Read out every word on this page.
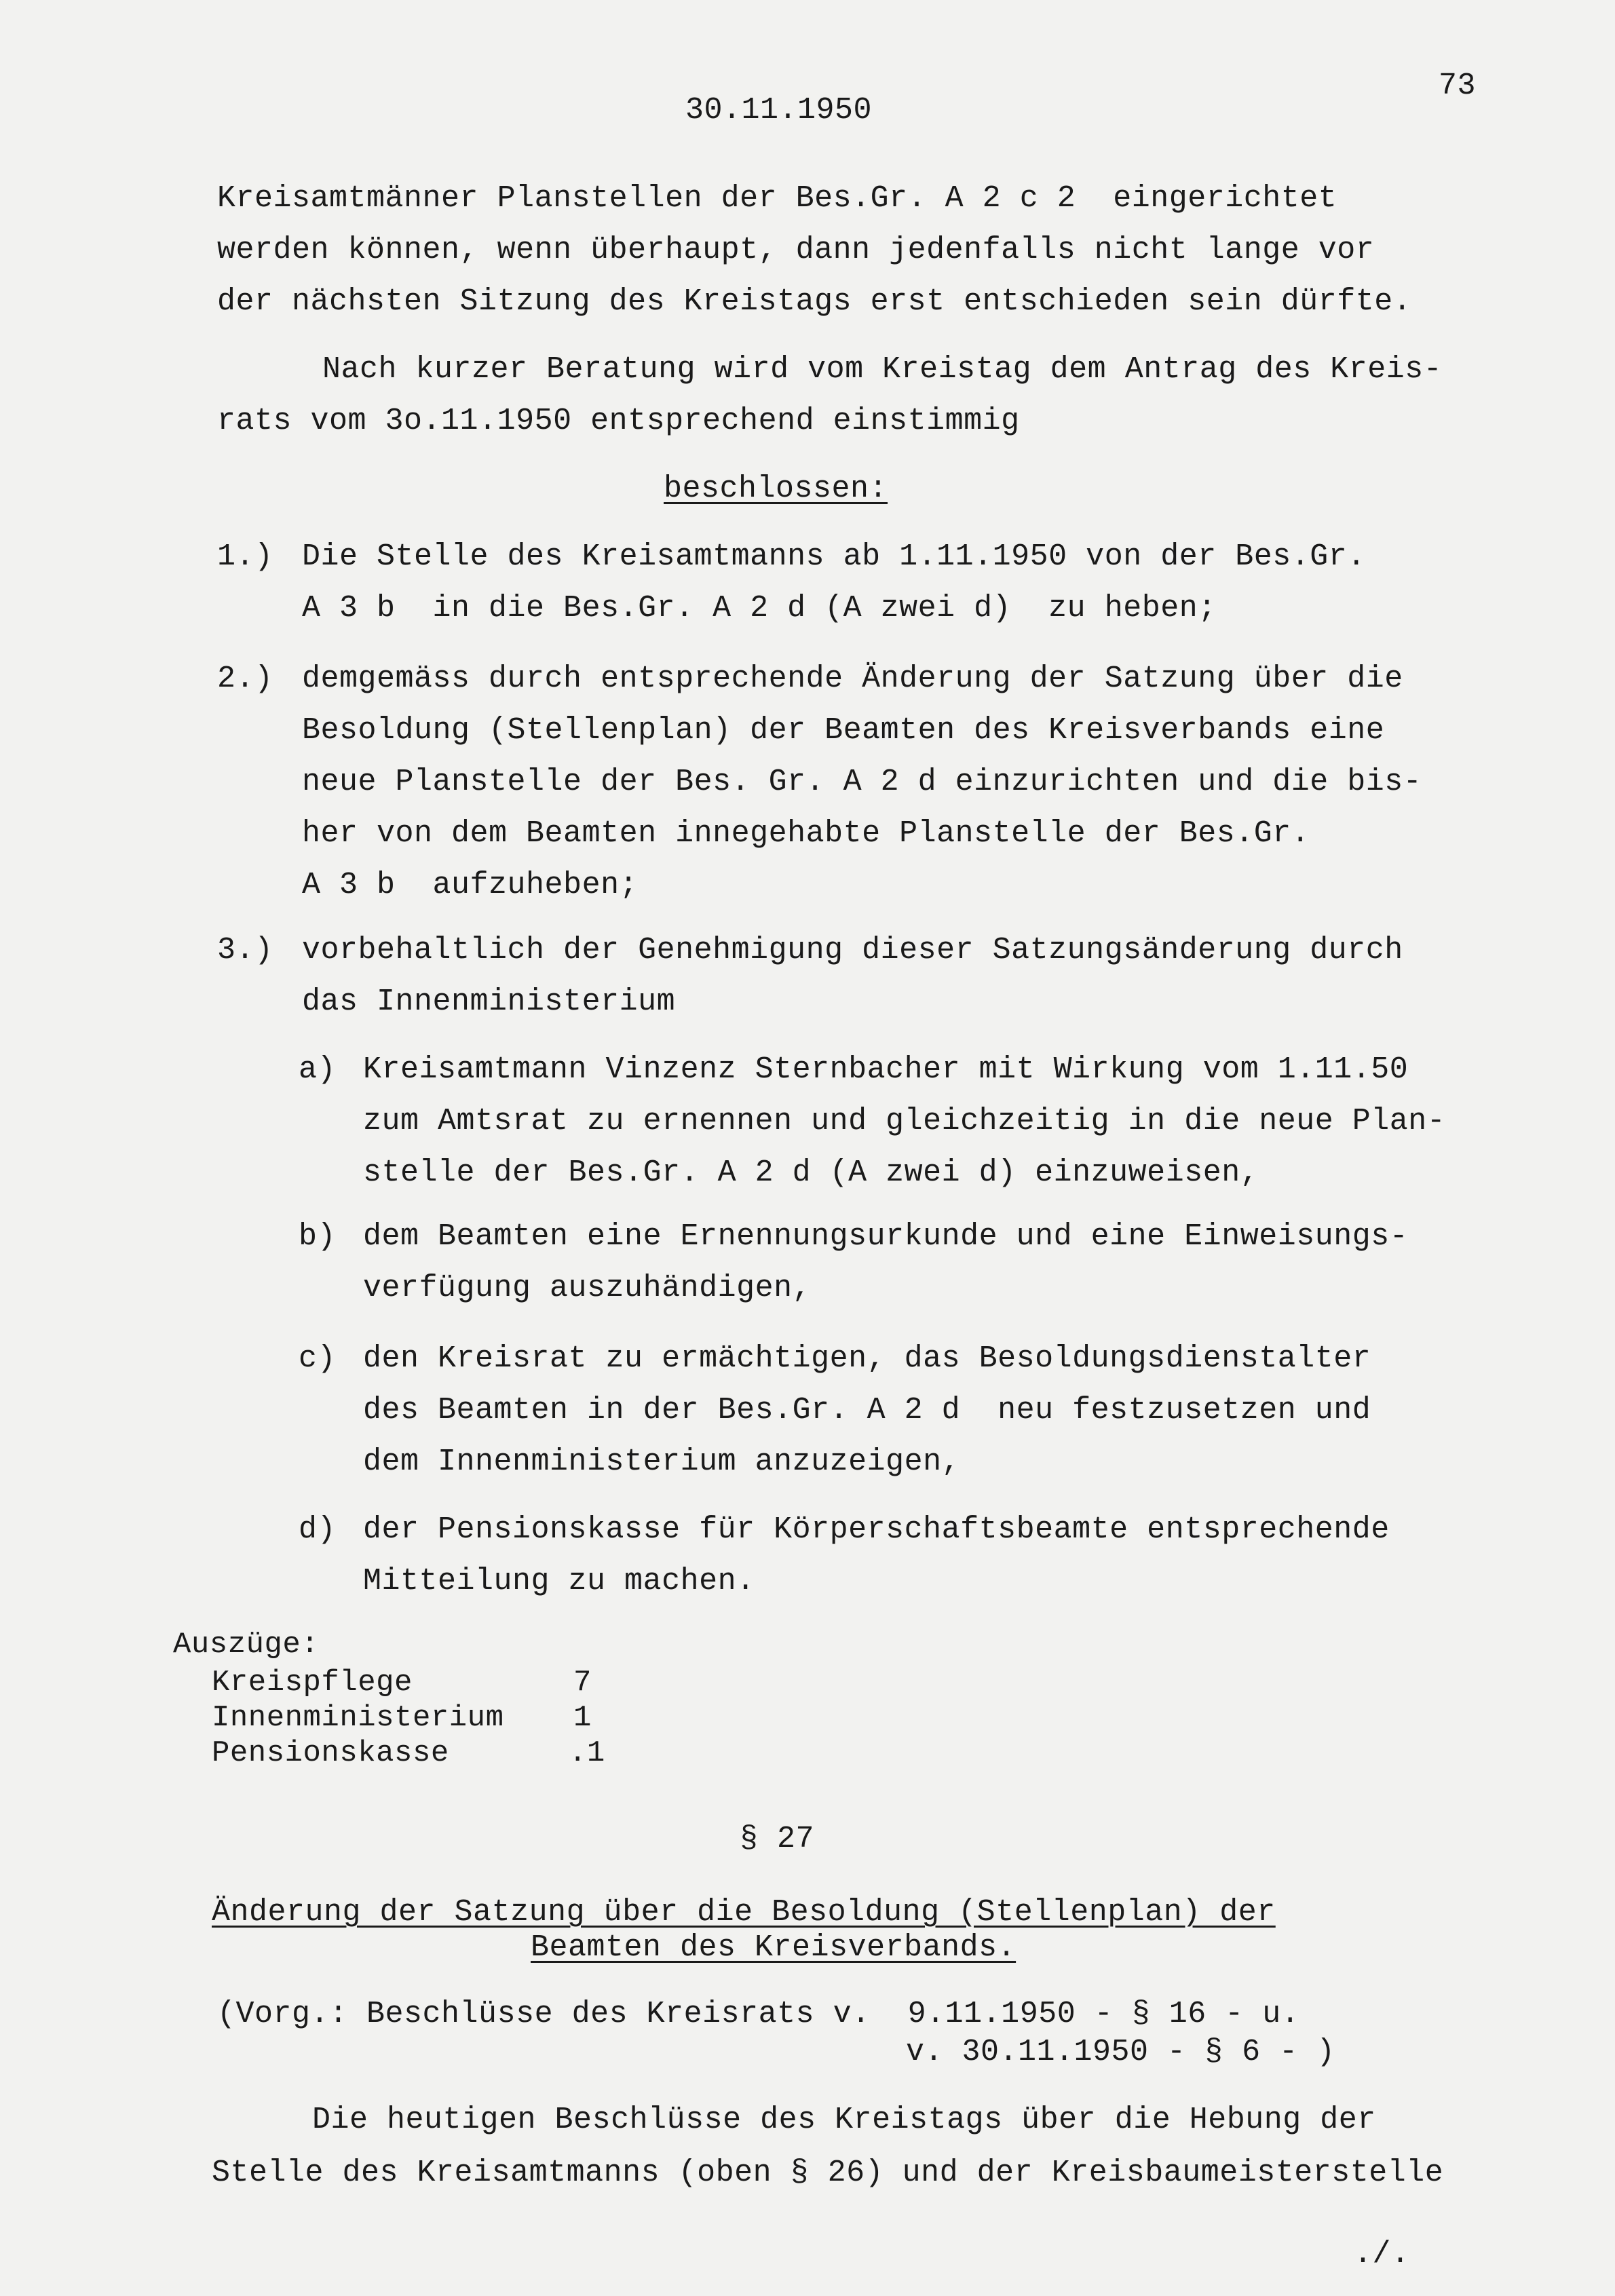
30.11.1950
73
Kreisamtmänner Planstellen der Bes.Gr. A 2 c 2  eingerichtet
werden können, wenn überhaupt, dann jedenfalls nicht lange vor
der nächsten Sitzung des Kreistags erst entschieden sein dürfte.
Nach kurzer Beratung wird vom Kreistag dem Antrag des Kreis-
rats vom 3o.11.1950 entsprechend einstimmig
beschlossen:
1.) Die Stelle des Kreisamtmanns ab 1.11.1950 von der Bes.Gr.
A 3 b  in die Bes.Gr. A 2 d (A zwei d)  zu heben;
2.) demgemäss durch entsprechende Änderung der Satzung über die
Besoldung (Stellenplan) der Beamten des Kreisverbands eine
neue Planstelle der Bes. Gr. A 2 d einzurichten und die bis-
her von dem Beamten innegehabte Planstelle der Bes.Gr.
A 3 b  aufzuheben;
3.) vorbehaltlich der Genehmigung dieser Satzungsänderung durch
das Innenministerium
a) Kreisamtmann Vinzenz Sternbacher mit Wirkung vom 1.11.50
zum Amtsrat zu ernennen und gleichzeitig in die neue Plan-
stelle der Bes.Gr. A 2 d (A zwei d) einzuweisen,
b) dem Beamten eine Ernennungsurkunde und eine Einweisungs-
verfügung auszuhändigen,
c) den Kreisrat zu ermächtigen, das Besoldungsdienstalter
des Beamten in der Bes.Gr. A 2 d  neu festzusetzen und
dem Innenministerium anzuzeigen,
d) der Pensionskasse für Körperschaftsbeamte entsprechende
Mitteilung zu machen.
Auszüge:
Kreispflege	7
Innenministerium 1
Pensionskasse	.1
§ 27
Änderung der Satzung über die Besoldung (Stellenplan) der
Beamten des Kreisverbands.
(Vorg.: Beschlüsse des Kreisrats v.  9.11.1950 - § 16 - u.
v. 30.11.1950 - § 6 - )
Die heutigen Beschlüsse des Kreistags über die Hebung der
Stelle des Kreisamtmanns (oben § 26) und der Kreisbaumeisterstelle
./.
